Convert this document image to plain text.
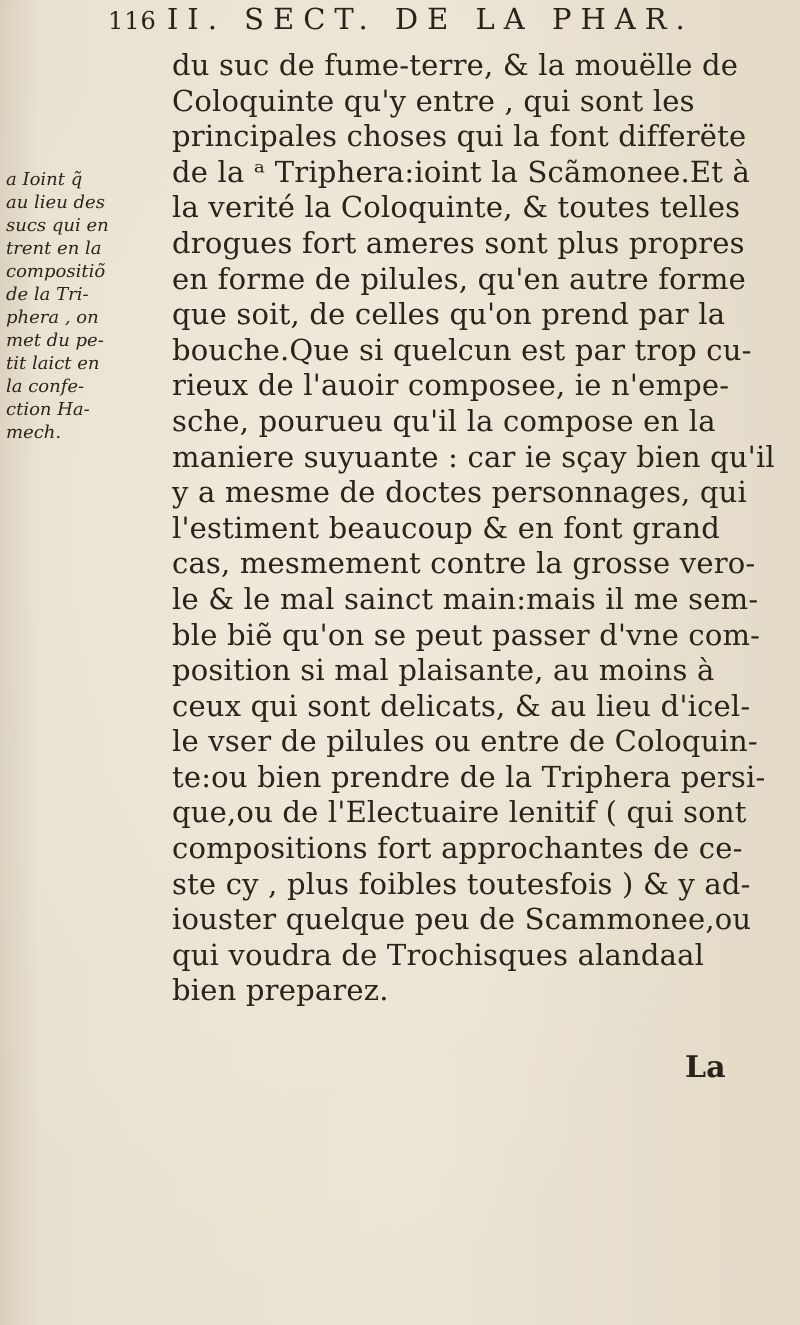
116 II. SECT. DE LA PHAR.
du suc de fume-terre, & la mouëlle de
Coloquinte qu'y entre , qui sont les
principales choses qui la font differëte
de la ᵃ Triphera:ioint la Scãmonee.Et à
la verité la Coloquinte, & toutes telles
drogues fort ameres sont plus propres
en forme de pilules, qu'en autre forme
que soit, de celles qu'on prend par la
bouche.Que si quelcun est par trop cu-
rieux de l'auoir composee, ie n'empe-
sche, pourueu qu'il la compose en la
maniere suyuante : car ie sçay bien qu'il
y a mesme de doctes personnages, qui
l'estiment beaucoup & en font grand
cas, mesmement contre la grosse vero-
le & le mal sainct main:mais il me sem-
ble biẽ qu'on se peut passer d'vne com-
position si mal plaisante, au moins à
ceux qui sont delicats, & au lieu d'icel-
le vser de pilules ou entre de Coloquin-
te:ou bien prendre de la Triphera persi-
que,ou de l'Electuaire lenitif ( qui sont
compositions fort approchantes de ce-
ste cy , plus foibles toutesfois ) & y ad-
iouster quelque peu de Scammonee,ou
qui voudra de Trochisques alandaal
bien preparez.
a Ioint q̃
au lieu des
sucs qui en
trent en la
compositiõ
de la Tri-
phera , on
met du pe-
tit laict en
la confe-
ction Ha-
mech.
La
